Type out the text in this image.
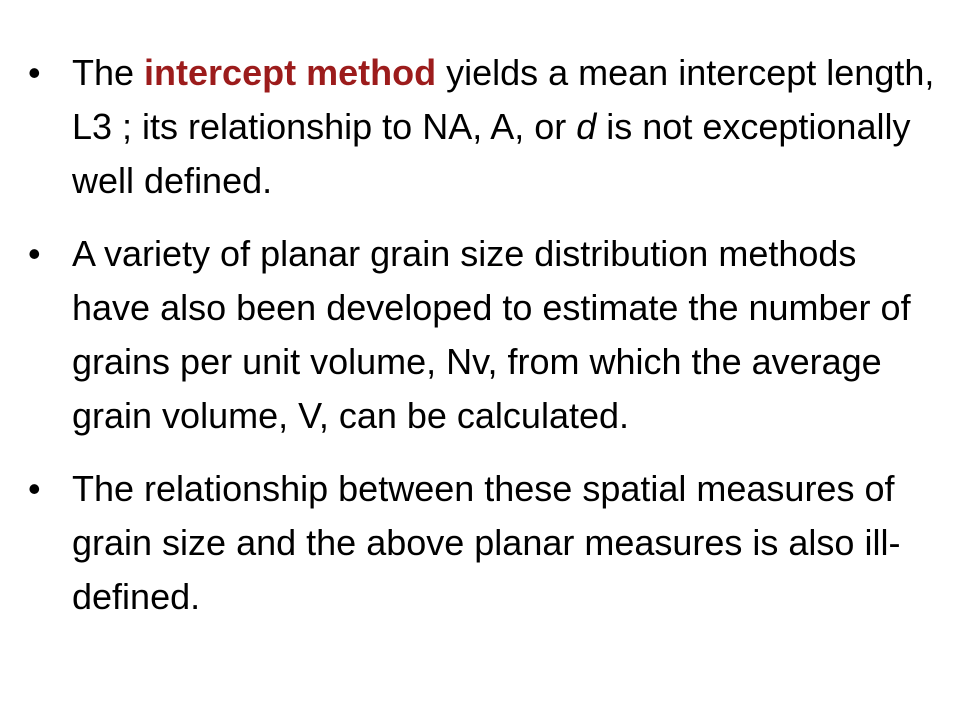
• The intercept method yields a mean intercept length, L3 ; its relationship to NA, A, or d is not exceptionally well defined.
• A variety of planar grain size distribution methods have also been developed to estimate the number of grains per unit volume, Nv, from which the average grain volume, V, can be calculated.
• The relationship between these spatial measures of grain size and the above planar measures is also ill-defined.
